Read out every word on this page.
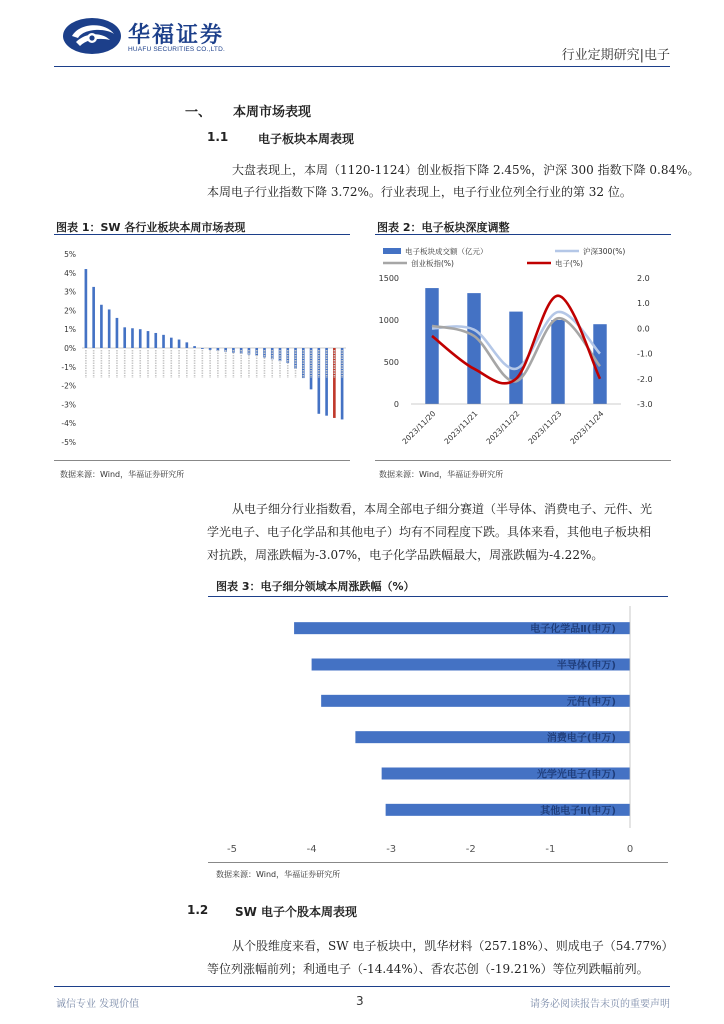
华福证券
HUAFU SECURITIES CO.,LTD.	行业定期研究|电子
一、 本周市场表现
1.1 电子板块本周表现
大盘表现上，本周（1120-1124）创业板指下降 2.45%，沪深 300 指数下降 0.84%。
本周电子行业指数下降 3.72%。行业表现上，电子行业位列全行业的第 32 位。
图表 1：SW 各行业板块本周市场表现
5%
4%
3%
2%
1%
0%
-1%
-2%
-3%
-4%
-5%
数据来源：Wind，华福证券研究所
图表 2：电子板块深度调整
电子板块成交额（亿元）	沪深300(%)
创业板指(%)	电子(%)
1500
1000
500
0
2.0
1.0
0.0
-1.0
-2.0
-3.0
2023/11/20 2023/11/21 2023/11/22 2023/11/23 2023/11/24
数据来源：Wind，华福证券研究所
从电子细分行业指数看，本周全部电子细分赛道（半导体、消费电子、元件、光
学光电子、电子化学品和其他电子）均有不同程度下跌。具体来看，其他电子板块相
对抗跌，周涨跌幅为-3.07%，电子化学品跌幅最大，周涨跌幅为-4.22%。
图表 3：电子细分领域本周涨跌幅（%）
电子化学品Ⅱ(申万)
半导体(申万)
元件(申万)
消费电子(申万)
光学光电子(申万)
其他电子Ⅱ(申万)
-5	-4	-3	-2	-1	0
数据来源：Wind，华福证券研究所
1.2 SW 电子个股本周表现
从个股维度来看，SW 电子板块中，凯华材料（257.18%）、则成电子（54.77%）
等位列涨幅前列；利通电子（-14.44%）、香农芯创（-19.21%）等位列跌幅前列。
诚信专业 发现价值	3	请务必阅读报告末页的重要声明
